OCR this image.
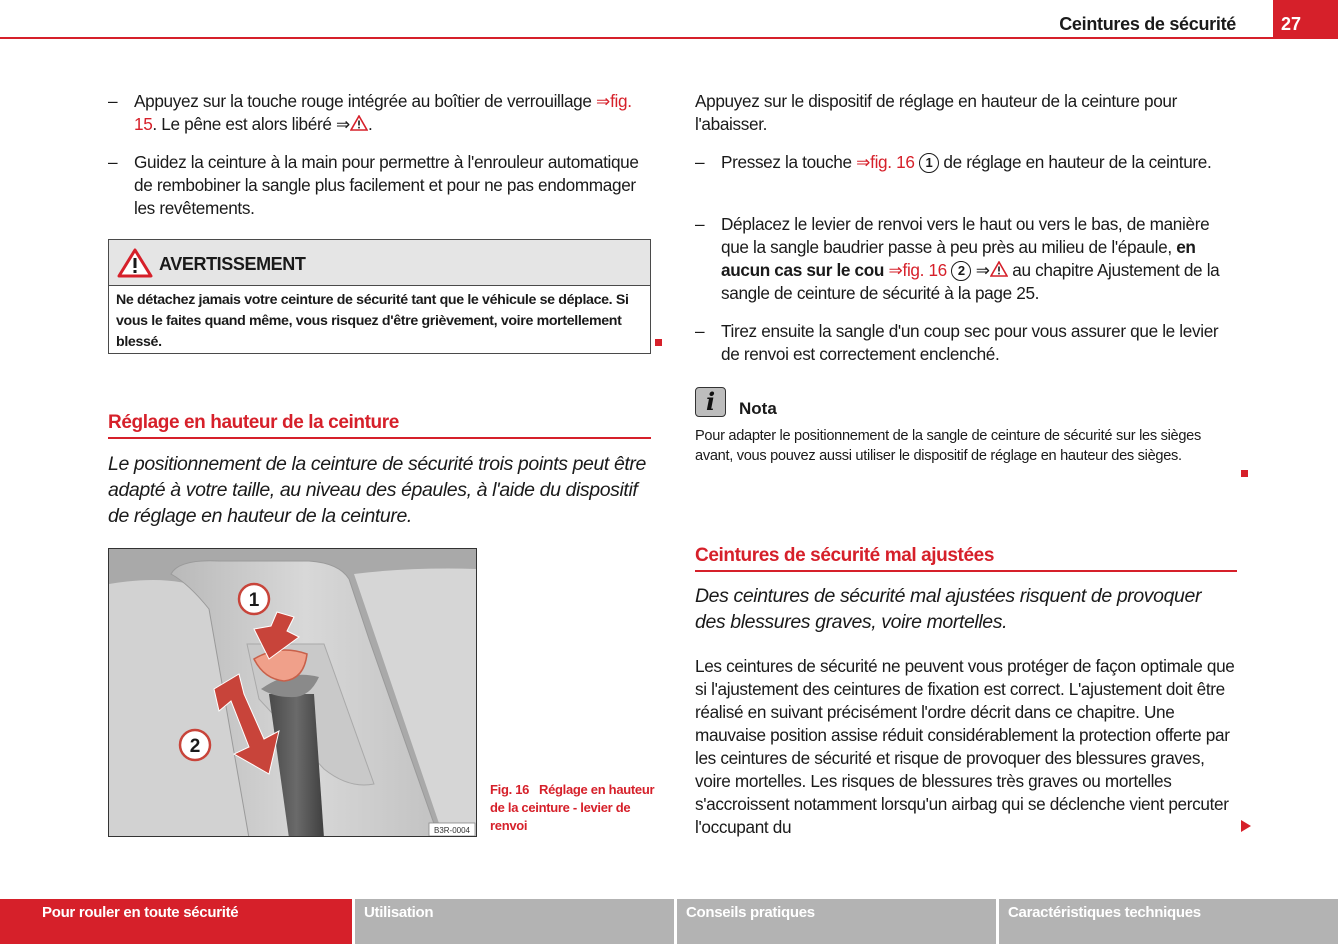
Ceintures de sécurité	27
– Appuyez sur la touche rouge intégrée au boîtier de verrouillage ⇒fig. 15. Le pêne est alors libéré ⇒ .
– Guidez la ceinture à la main pour permettre à l'enrouleur automatique de rembobiner la sangle plus facilement et pour ne pas endommager les revêtements.
AVERTISSEMENT
Ne détachez jamais votre ceinture de sécurité tant que le véhicule se déplace. Si vous le faites quand même, vous risquez d'être grièvement, voire mortellement blessé.
Réglage en hauteur de la ceinture
Le positionnement de la ceinture de sécurité trois points peut être adapté à votre taille, au niveau des épaules, à l'aide du dispositif de réglage en hauteur de la ceinture.
1
2
B3R-0004
Fig. 16 Réglage en hauteur de la ceinture - levier de renvoi
Appuyez sur le dispositif de réglage en hauteur de la ceinture pour l'abaisser.
– Pressez la touche ⇒fig. 16 1 de réglage en hauteur de la ceinture.
– Déplacez le levier de renvoi vers le haut ou vers le bas, de manière que la sangle baudrier passe à peu près au milieu de l'épaule, en aucun cas sur le cou ⇒fig. 16 2 ⇒ au chapitre Ajustement de la sangle de ceinture de sécurité à la page 25.
– Tirez ensuite la sangle d'un coup sec pour vous assurer que le levier de renvoi est correctement enclenché.
i	Nota
Pour adapter le positionnement de la sangle de ceinture de sécurité sur les sièges avant, vous pouvez aussi utiliser le dispositif de réglage en hauteur des sièges.
Ceintures de sécurité mal ajustées
Des ceintures de sécurité mal ajustées risquent de provoquer des blessures graves, voire mortelles.
Les ceintures de sécurité ne peuvent vous protéger de façon optimale que si l'ajustement des ceintures de fixation est correct. L'ajustement doit être réalisé en suivant précisément l'ordre décrit dans ce chapitre. Une mauvaise position assise réduit considérablement la protection offerte par les ceintures de sécurité et risque de provoquer des blessures graves, voire mortelles. Les risques de blessures très graves ou mortelles s'accroissent notamment lorsqu'un airbag qui se déclenche vient percuter l'occupant du
Pour rouler en toute sécurité	Utilisation	Conseils pratiques	Caractéristiques techniques
